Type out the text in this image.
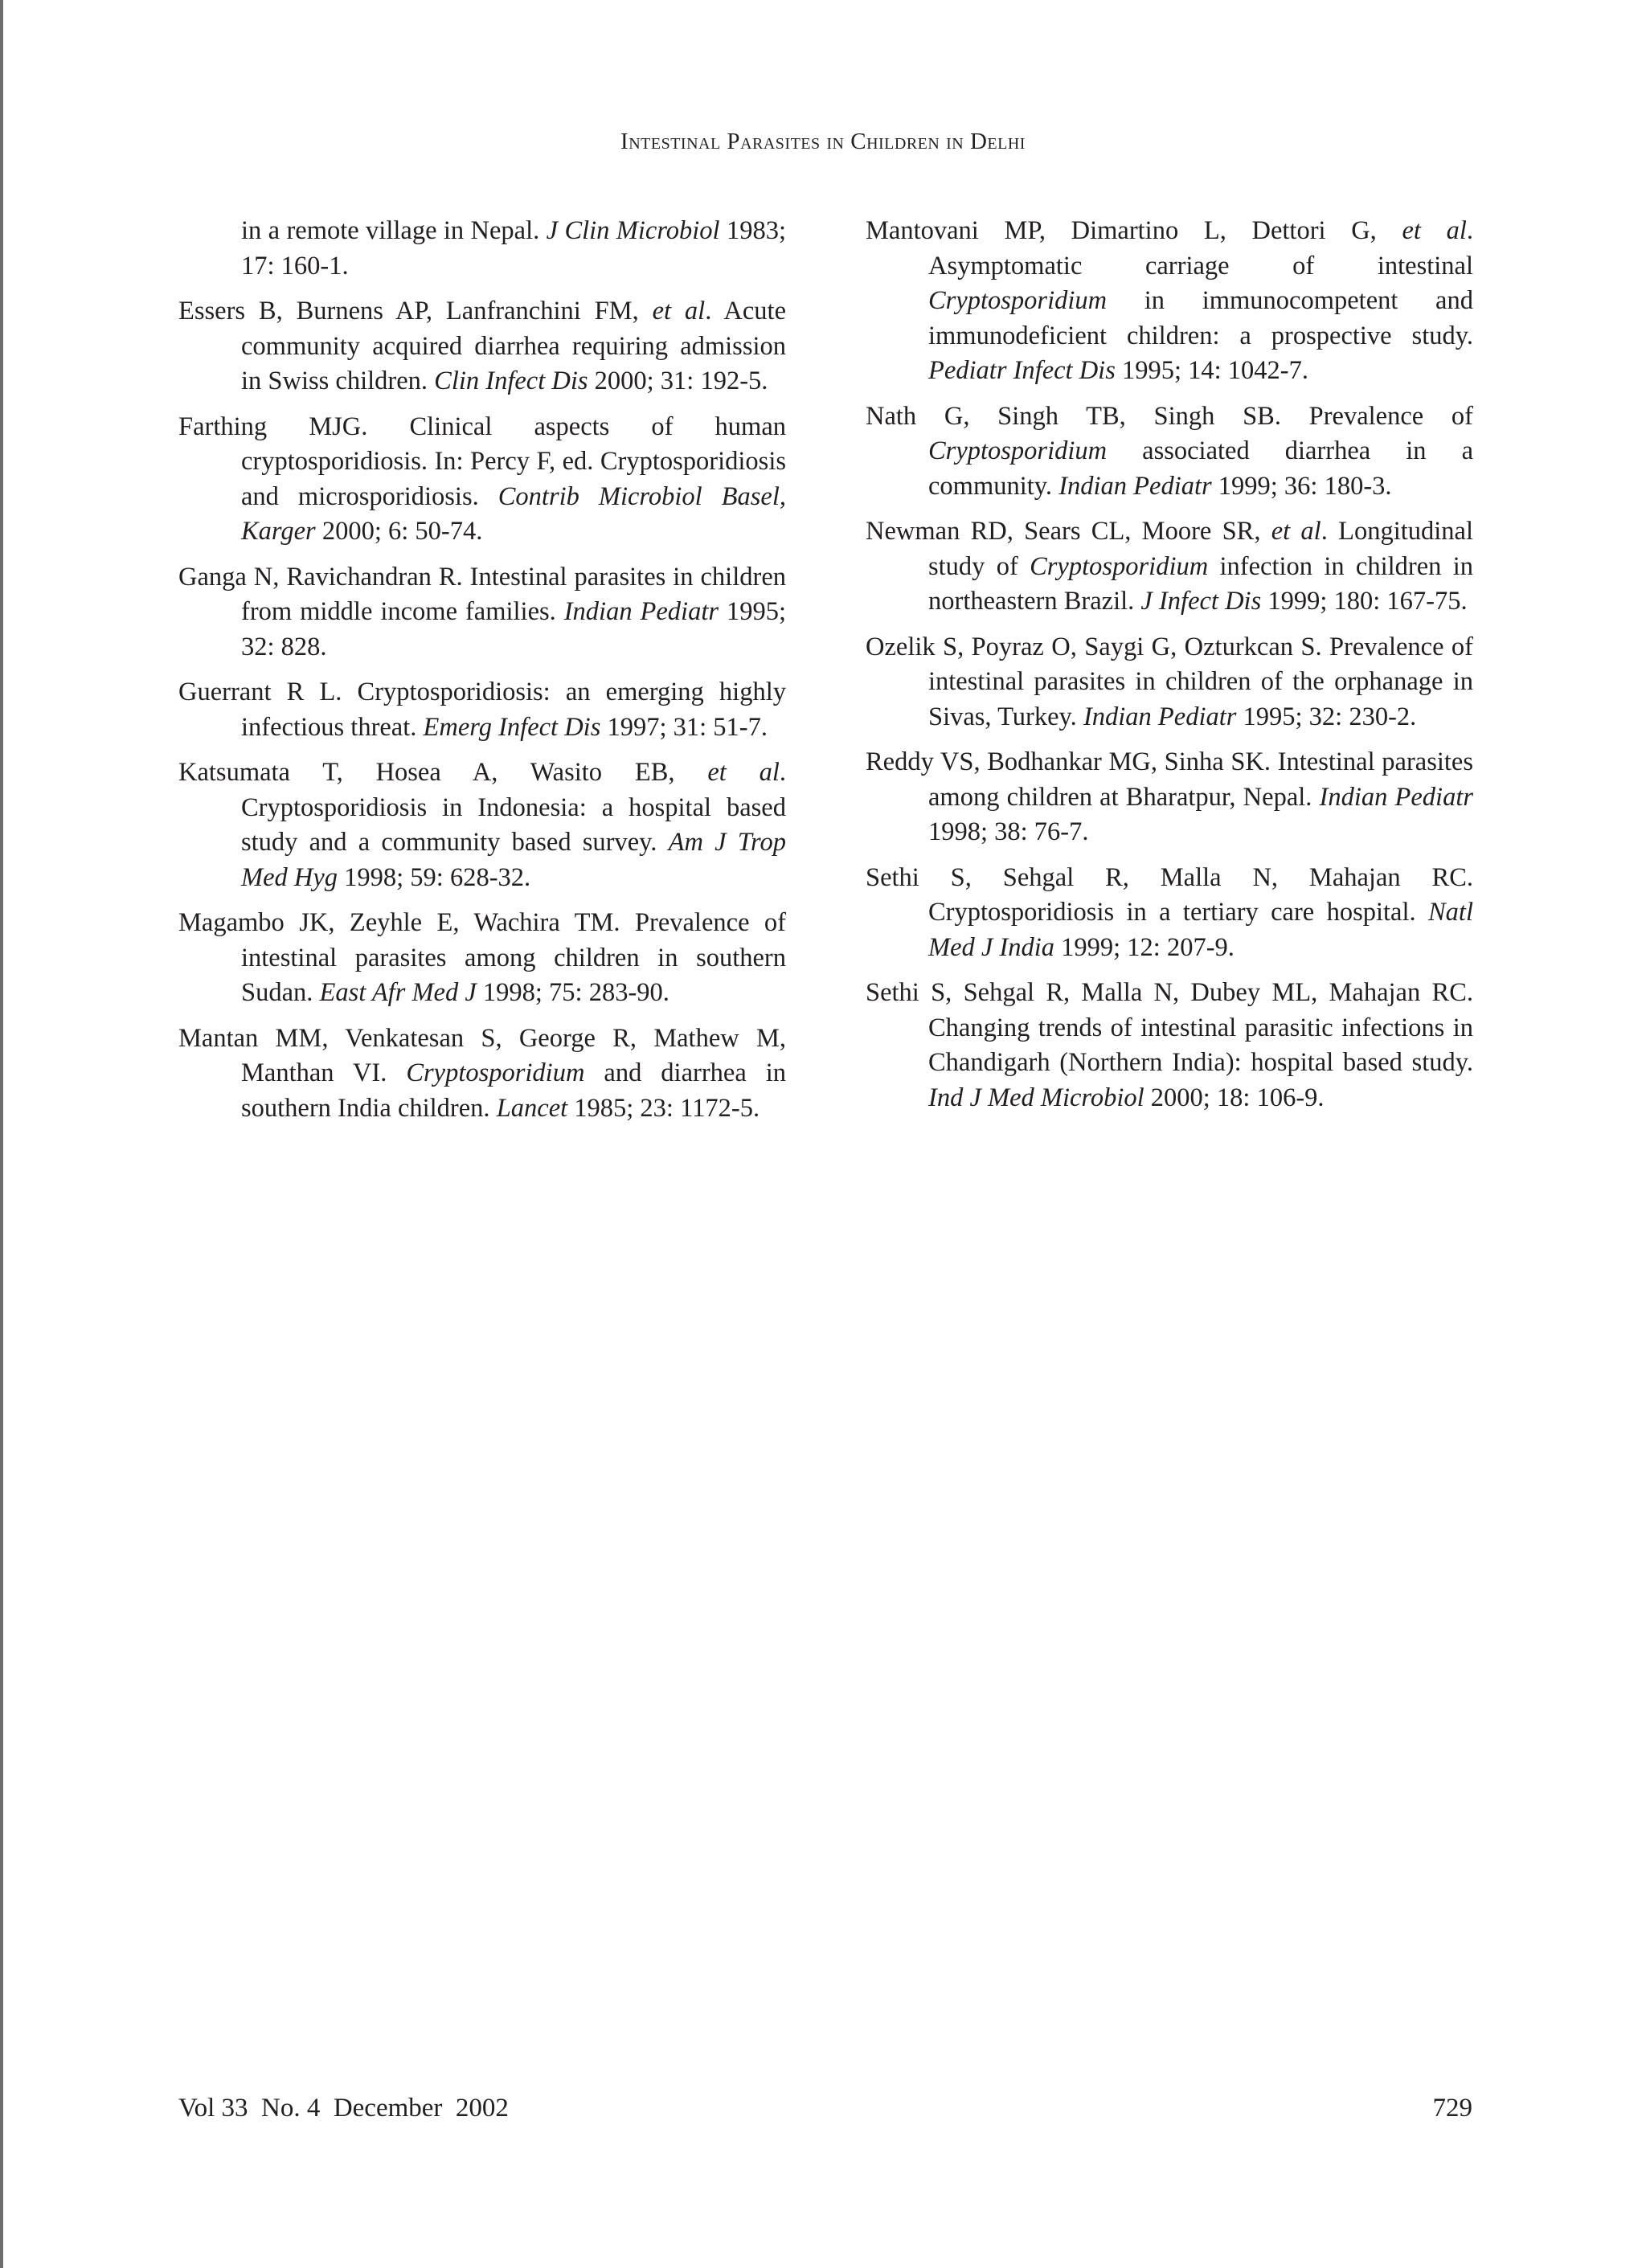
Intestinal Parasites in Children in Delhi

in a remote village in Nepal. J Clin Microbiol 1983; 17: 160-1.

Essers B, Burnens AP, Lanfranchini FM, et al. Acute community acquired diarrhea requiring admission in Swiss children. Clin Infect Dis 2000; 31: 192-5.

Farthing MJG. Clinical aspects of human cryptosporidiosis. In: Percy F, ed. Cryptosporidiosis and microsporidiosis. Contrib Microbiol Basel, Karger 2000; 6: 50-74.

Ganga N, Ravichandran R. Intestinal parasites in children from middle income families. Indian Pediatr 1995; 32: 828.

Guerrant R L. Cryptosporidiosis: an emerging highly infectious threat. Emerg Infect Dis 1997; 31: 51-7.

Katsumata T, Hosea A, Wasito EB, et al. Cryptosporidiosis in Indonesia: a hospital based study and a community based survey. Am J Trop Med Hyg 1998; 59: 628-32.

Magambo JK, Zeyhle E, Wachira TM. Prevalence of intestinal parasites among children in southern Sudan. East Afr Med J 1998; 75: 283-90.

Mantan MM, Venkatesan S, George R, Mathew M, Manthan VI. Cryptosporidium and diarrhea in southern India children. Lancet 1985; 23: 1172-5.

Mantovani MP, Dimartino L, Dettori G, et al. Asymptomatic carriage of intestinal Cryptosporidium in immunocompetent and immunodeficient children: a prospective study. Pediatr Infect Dis 1995; 14: 1042-7.

Nath G, Singh TB, Singh SB. Prevalence of Cryptosporidium associated diarrhea in a community. Indian Pediatr 1999; 36: 180-3.

Newman RD, Sears CL, Moore SR, et al. Longitudinal study of Cryptosporidium infection in children in northeastern Brazil. J Infect Dis 1999; 180: 167-75.

Ozelik S, Poyraz O, Saygi G, Ozturkcan S. Prevalence of intestinal parasites in children of the orphanage in Sivas, Turkey. Indian Pediatr 1995; 32: 230-2.

Reddy VS, Bodhankar MG, Sinha SK. Intestinal parasites among children at Bharatpur, Nepal. Indian Pediatr 1998; 38: 76-7.

Sethi S, Sehgal R, Malla N, Mahajan RC. Cryptosporidiosis in a tertiary care hospital. Natl Med J India 1999; 12: 207-9.

Sethi S, Sehgal R, Malla N, Dubey ML, Mahajan RC. Changing trends of intestinal parasitic infections in Chandigarh (Northern India): hospital based study. Ind J Med Microbiol 2000; 18: 106-9.

Vol 33  No. 4  December  2002	729
